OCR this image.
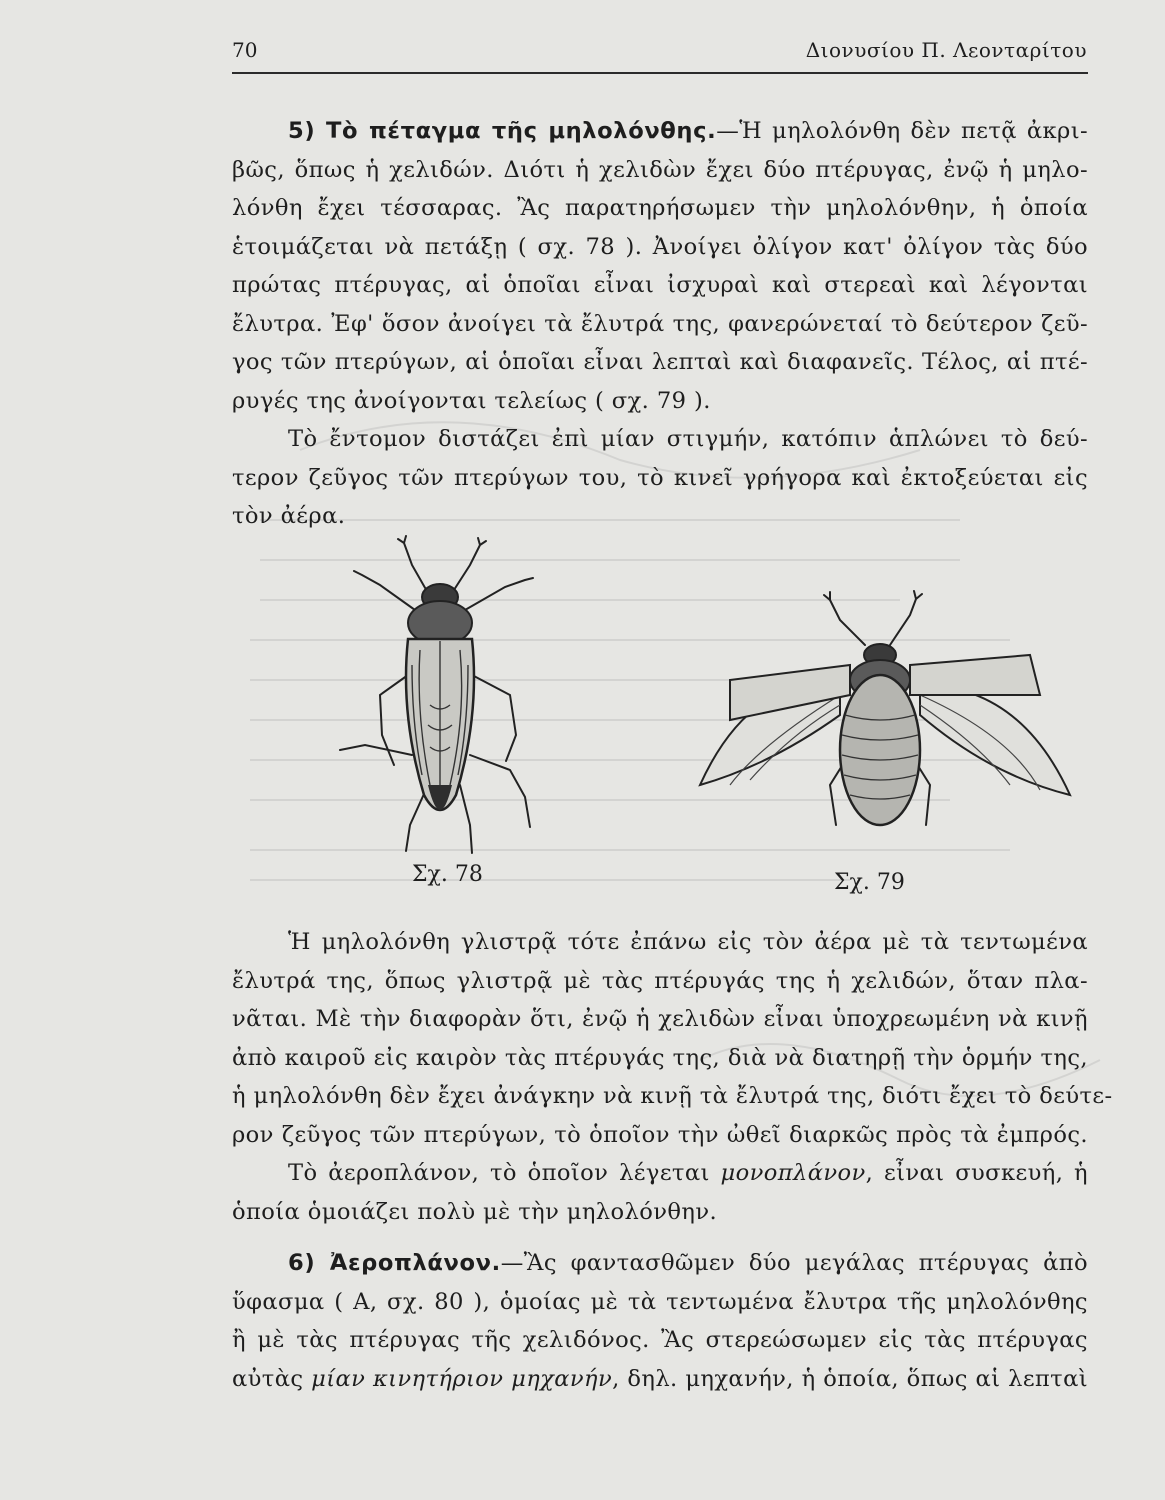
70	Διονυσίου Π. Λεονταρίτου
5) Τὸ πέταγμα τῆς μηλολόνθης.—Ἡ μηλολόνθη δὲν πετᾷ ἀκρι-
βῶς, ὅπως ἡ χελιδών. Διότι ἡ χελιδὼν ἔχει δύο πτέρυγας, ἐνῷ ἡ μηλο-
λόνθη ἔχει τέσσαρας. Ἂς παρατηρήσωμεν τὴν μηλολόνθην, ἡ ὁποία
ἑτοιμάζεται νὰ πετάξῃ ( σχ. 78 ). Ἀνοίγει ὀλίγον κατ' ὀλίγον τὰς δύο
πρώτας πτέρυγας, αἱ ὁποῖαι εἶναι ἰσχυραὶ καὶ στερεαὶ καὶ λέγονται
ἔλυτρα. Ἐφ' ὅσον ἀνοίγει τὰ ἔλυτρά της, φανερώνεταί τὸ δεύτερον ζεῦ-
γος τῶν πτερύγων, αἱ ὁποῖαι εἶναι λεπταὶ καὶ διαφανεῖς. Τέλος, αἱ πτέ-
ρυγές της ἀνοίγονται τελείως ( σχ. 79 ).
Τὸ ἔντομον διστάζει ἐπὶ μίαν στιγμήν, κατόπιν ἁπλώνει τὸ δεύ-
τερον ζεῦγος τῶν πτερύγων του, τὸ κινεῖ γρήγορα καὶ ἐκτοξεύεται εἰς
τὸν ἀέρα.
Σχ. 78	Σχ. 79
Ἡ μηλολόνθη γλιστρᾷ τότε ἐπάνω εἰς τὸν ἀέρα μὲ τὰ τεντωμένα
ἔλυτρά της, ὅπως γλιστρᾷ μὲ τὰς πτέρυγάς της ἡ χελιδών, ὅταν πλα-
νᾶται. Μὲ τὴν διαφορὰν ὅτι, ἐνῷ ἡ χελιδὼν εἶναι ὑποχρεωμένη νὰ κινῇ
ἀπὸ καιροῦ εἰς καιρὸν τὰς πτέρυγάς της, διὰ νὰ διατηρῇ τὴν ὁρμήν της,
ἡ μηλολόνθη δὲν ἔχει ἀνάγκην νὰ κινῇ τὰ ἔλυτρά της, διότι ἔχει τὸ δεύτε-
ρον ζεῦγος τῶν πτερύγων, τὸ ὁποῖον τὴν ὠθεῖ διαρκῶς πρὸς τὰ ἐμπρός.
Τὸ ἀεροπλάνον, τὸ ὁποῖον λέγεται μονοπλάνον, εἶναι συσκευή, ἡ
ὁποία ὁμοιάζει πολὺ μὲ τὴν μηλολόνθην.
6) Ἀεροπλάνον.—Ἂς φαντασθῶμεν δύο μεγάλας πτέρυγας ἀπὸ
ὕφασμα ( Α, σχ. 80 ), ὁμοίας μὲ τὰ τεντωμένα ἔλυτρα τῆς μηλολόνθης
ἢ μὲ τὰς πτέρυγας τῆς χελιδόνος. Ἂς στερεώσωμεν εἰς τὰς πτέρυγας
αὐτὰς μίαν κινητήριον μηχανήν, δηλ. μηχανήν, ἡ ὁποία, ὅπως αἱ λεπταὶ
